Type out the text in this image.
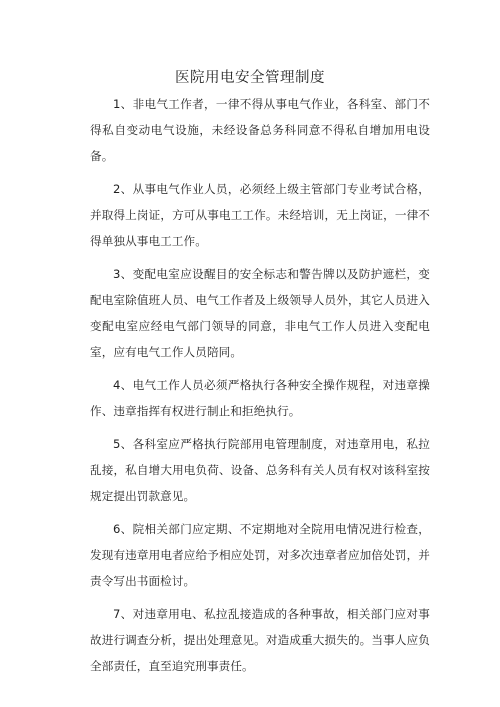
医院用电安全管理制度

1、非电气工作者，一律不得从事电气作业，各科室、部门不得私自变动电气设施，未经设备总务科同意不得私自增加用电设备。

2、从事电气作业人员，必须经上级主管部门专业考试合格，并取得上岗证，方可从事电工工作。未经培训，无上岗证，一律不得单独从事电工工作。

3、变配电室应设醒目的安全标志和警告牌以及防护遮栏，变配电室除值班人员、电气工作者及上级领导人员外，其它人员进入变配电室应经电气部门领导的同意，非电气工作人员进入变配电室，应有电气工作人员陪同。

4、电气工作人员必须严格执行各种安全操作规程，对违章操作、违章指挥有权进行制止和拒绝执行。

5、各科室应严格执行院部用电管理制度，对违章用电，私拉乱接，私自增大用电负荷、设备、总务科有关人员有权对该科室按规定提出罚款意见。

6、院相关部门应定期、不定期地对全院用电情况进行检查，发现有违章用电者应给予相应处罚，对多次违章者应加倍处罚，并责令写出书面检讨。

7、对违章用电、私拉乱接造成的各种事故，相关部门应对事故进行调查分析，提出处理意见。对造成重大损失的。当事人应负全部责任，直至追究刑事责任。
